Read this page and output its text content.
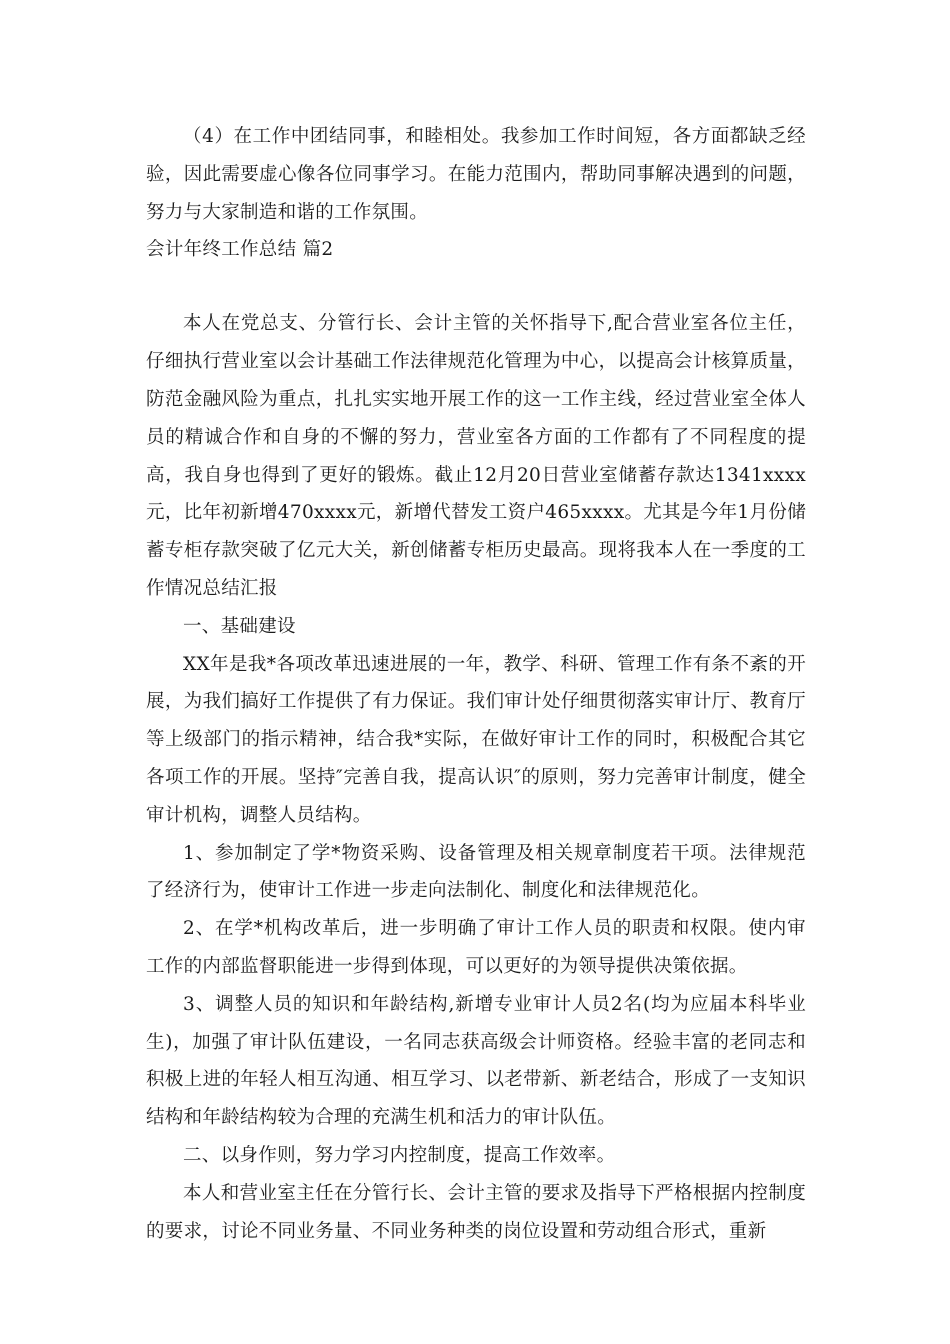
（4）在工作中团结同事，和睦相处。我参加工作时间短，各方面都缺乏经验，因此需要虚心像各位同事学习。在能力范围内，帮助同事解决遇到的问题，努力与大家制造和谐的工作氛围。

会计年终工作总结 篇2

本人在党总支、分管行长、会计主管的关怀指导下,配合营业室各位主任，仔细执行营业室以会计基础工作法律规范化管理为中心，以提高会计核算质量，防范金融风险为重点，扎扎实实地开展工作的这一工作主线，经过营业室全体人员的精诚合作和自身的不懈的努力，营业室各方面的工作都有了不同程度的提高，我自身也得到了更好的锻炼。截止12月20日营业室储蓄存款达1341xxxx元，比年初新增470xxxx元，新增代替发工资户465xxxx。尤其是今年1月份储蓄专柜存款突破了亿元大关，新创储蓄专柜历史最高。现将我本人在一季度的工作情况总结汇报

一、基础建设

XX年是我*各项改革迅速进展的一年，教学、科研、管理工作有条不紊的开展，为我们搞好工作提供了有力保证。我们审计处仔细贯彻落实审计厅、教育厅等上级部门的指示精神，结合我*实际，在做好审计工作的同时，积极配合其它各项工作的开展。坚持″完善自我，提高认识″的原则，努力完善审计制度，健全审计机构，调整人员结构。

1、参加制定了学*物资采购、设备管理及相关规章制度若干项。法律规范了经济行为，使审计工作进一步走向法制化、制度化和法律规范化。

2、在学*机构改革后，进一步明确了审计工作人员的职责和权限。使内审工作的内部监督职能进一步得到体现，可以更好的为领导提供决策依据。

3、调整人员的知识和年龄结构,新增专业审计人员2名(均为应届本科毕业生)，加强了审计队伍建设，一名同志获高级会计师资格。经验丰富的老同志和积极上进的年轻人相互沟通、相互学习、以老带新、新老结合，形成了一支知识结构和年龄结构较为合理的充满生机和活力的审计队伍。

二、以身作则，努力学习内控制度，提高工作效率。

本人和营业室主任在分管行长、会计主管的要求及指导下严格根据内控制度的要求，讨论不同业务量、不同业务种类的岗位设置和劳动组合形式，重新
